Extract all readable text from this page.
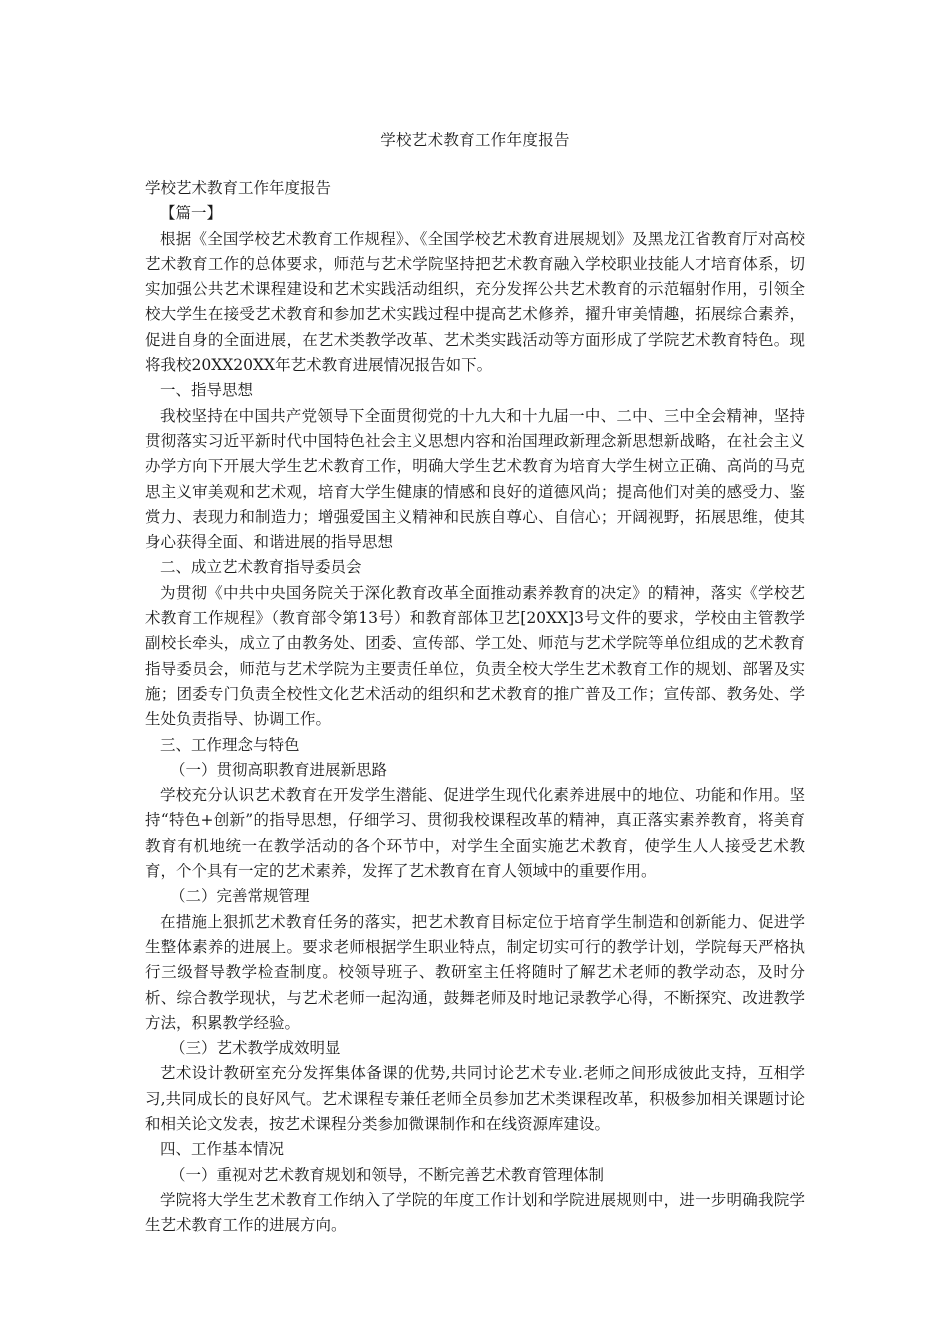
学校艺术教育工作年度报告

学校艺术教育工作年度报告

【篇一】

根据《全国学校艺术教育工作规程》、《全国学校艺术教育进展规划》及黑龙江省教育厅对高校艺术教育工作的总体要求，师范与艺术学院坚持把艺术教育融入学校职业技能人才培育体系，切实加强公共艺术课程建设和艺术实践活动组织，充分发挥公共艺术教育的示范辐射作用，引领全校大学生在接受艺术教育和参加艺术实践过程中提高艺术修养，擢升审美情趣，拓展综合素养，促进自身的全面进展，在艺术类教学改革、艺术类实践活动等方面形成了学院艺术教育特色。现将我校20XX20XX年艺术教育进展情况报告如下。

一、指导思想

我校坚持在中国共产党领导下全面贯彻党的十九大和十九届一中、二中、三中全会精神，坚持贯彻落实习近平新时代中国特色社会主义思想内容和治国理政新理念新思想新战略，在社会主义办学方向下开展大学生艺术教育工作，明确大学生艺术教育为培育大学生树立正确、高尚的马克思主义审美观和艺术观，培育大学生健康的情感和良好的道德风尚；提高他们对美的感受力、鉴赏力、表现力和制造力；增强爱国主义精神和民族自尊心、自信心；开阔视野，拓展思维，使其身心获得全面、和谐进展的指导思想

二、成立艺术教育指导委员会

为贯彻《中共中央国务院关于深化教育改革全面推动素养教育的决定》的精神，落实《学校艺术教育工作规程》（教育部令第13号）和教育部体卫艺[20XX]3号文件的要求，学校由主管教学副校长牵头，成立了由教务处、团委、宣传部、学工处、师范与艺术学院等单位组成的艺术教育指导委员会，师范与艺术学院为主要责任单位，负责全校大学生艺术教育工作的规划、部署及实施；团委专门负责全校性文化艺术活动的组织和艺术教育的推广普及工作；宣传部、教务处、学生处负责指导、协调工作。

三、工作理念与特色

（一）贯彻高职教育进展新思路

学校充分认识艺术教育在开发学生潜能、促进学生现代化素养进展中的地位、功能和作用。坚持“特色+创新”的指导思想，仔细学习、贯彻我校课程改革的精神，真正落实素养教育，将美育教育有机地统一在教学活动的各个环节中，对学生全面实施艺术教育，使学生人人接受艺术教育，个个具有一定的艺术素养，发挥了艺术教育在育人领域中的重要作用。

（二）完善常规管理

在措施上狠抓艺术教育任务的落实，把艺术教育目标定位于培育学生制造和创新能力、促进学生整体素养的进展上。要求老师根据学生职业特点，制定切实可行的教学计划，学院每天严格执行三级督导教学检查制度。校领导班子、教研室主任将随时了解艺术老师的教学动态，及时分析、综合教学现状，与艺术老师一起沟通，鼓舞老师及时地记录教学心得，不断探究、改进教学方法，积累教学经验。

（三）艺术教学成效明显

艺术设计教研室充分发挥集体备课的优势,共同讨论艺术专业.老师之间形成彼此支持，互相学习,共同成长的良好风气。艺术课程专兼任老师全员参加艺术类课程改革，积极参加相关课题讨论和相关论文发表，按艺术课程分类参加微课制作和在线资源库建设。

四、工作基本情况

（一）重视对艺术教育规划和领导，不断完善艺术教育管理体制

学院将大学生艺术教育工作纳入了学院的年度工作计划和学院进展规则中，进一步明确我院学生艺术教育工作的进展方向。
